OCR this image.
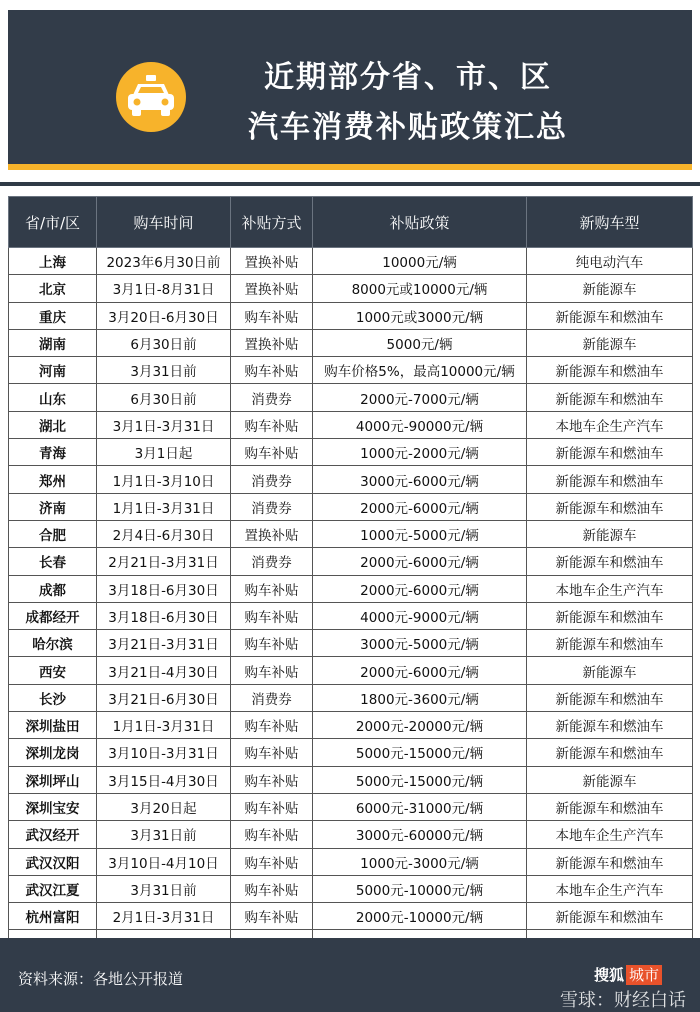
近期部分省、市、区
汽车消费补贴政策汇总
省/市/区	购车时间	补贴方式	补贴政策	新购车型
上海	2023年6月30日前	置换补贴	10000元/辆	纯电动汽车
北京	3月1日-8月31日	置换补贴	8000元或10000元/辆	新能源车
重庆	3月20日-6月30日	购车补贴	1000元或3000元/辆	新能源车和燃油车
湖南	6月30日前	置换补贴	5000元/辆	新能源车
河南	3月31日前	购车补贴	购车价格5%，最高10000元/辆	新能源车和燃油车
山东	6月30日前	消费券	2000元-7000元/辆	新能源车和燃油车
湖北	3月1日-3月31日	购车补贴	4000元-90000元/辆	本地车企生产汽车
青海	3月1日起	购车补贴	1000元-2000元/辆	新能源车和燃油车
郑州	1月1日-3月10日	消费券	3000元-6000元/辆	新能源车和燃油车
济南	1月1日-3月31日	消费券	2000元-6000元/辆	新能源车和燃油车
合肥	2月4日-6月30日	置换补贴	1000元-5000元/辆	新能源车
长春	2月21日-3月31日	消费券	2000元-6000元/辆	新能源车和燃油车
成都	3月18日-6月30日	购车补贴	2000元-6000元/辆	本地车企生产汽车
成都经开	3月18日-6月30日	购车补贴	4000元-9000元/辆	新能源车和燃油车
哈尔滨	3月21日-3月31日	购车补贴	3000元-5000元/辆	新能源车和燃油车
西安	3月21日-4月30日	购车补贴	2000元-6000元/辆	新能源车
长沙	3月21日-6月30日	消费券	1800元-3600元/辆	新能源车和燃油车
深圳盐田	1月1日-3月31日	购车补贴	2000元-20000元/辆	新能源车和燃油车
深圳龙岗	3月10日-3月31日	购车补贴	5000元-15000元/辆	新能源车和燃油车
深圳坪山	3月15日-4月30日	购车补贴	5000元-15000元/辆	新能源车
深圳宝安	3月20日起	购车补贴	6000元-31000元/辆	新能源车和燃油车
武汉经开	3月31日前	购车补贴	3000元-60000元/辆	本地车企生产汽车
武汉汉阳	3月10日-4月10日	购车补贴	1000元-3000元/辆	新能源车和燃油车
武汉江夏	3月31日前	购车补贴	5000元-10000元/辆	本地车企生产汽车
杭州富阳	2月1日-3月31日	购车补贴	2000元-10000元/辆	新能源车和燃油车

资料来源：各地公开报道	搜狐 城市
雪球：财经白话
